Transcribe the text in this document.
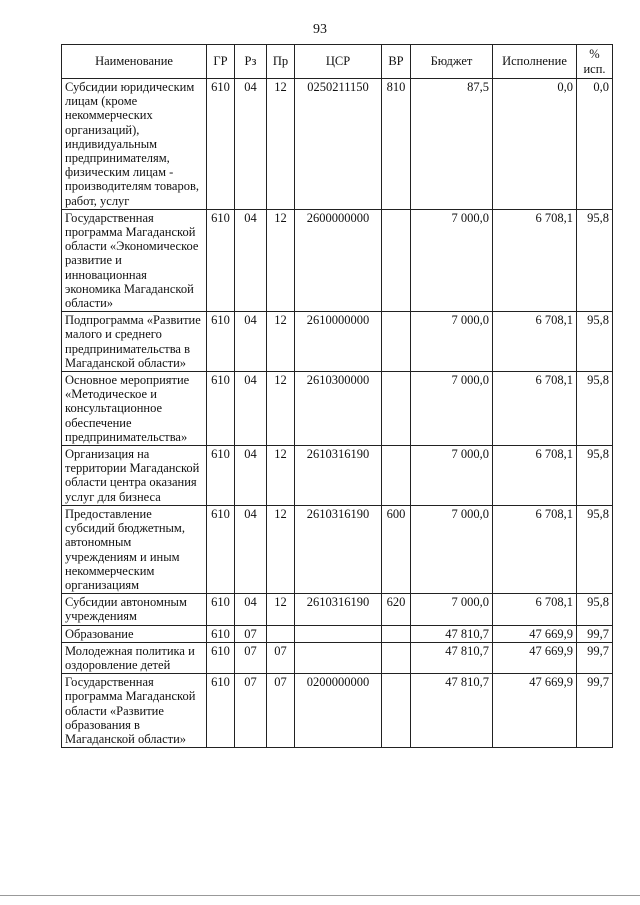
93
Наименование	ГР	Рз	Пр	ЦСР	ВР	Бюджет	Исполнение	% исп.
Субсидии юридическим лицам (кроме некоммерческих организаций), индивидуальным предпринимателям, физическим лицам - производителям товаров, работ, услуг	610	04	12	0250211150	810	87,5	0,0	0,0
Государственная программа Магаданской области «Экономическое развитие и инновационная экономика Магаданской области»	610	04	12	2600000000		7 000,0	6 708,1	95,8
Подпрограмма «Развитие малого и среднего предпринимательства в Магаданской области»	610	04	12	2610000000		7 000,0	6 708,1	95,8
Основное мероприятие «Методическое и консультационное обеспечение предпринимательства»	610	04	12	2610300000		7 000,0	6 708,1	95,8
Организация на территории Магаданской области центра оказания услуг для бизнеса	610	04	12	2610316190		7 000,0	6 708,1	95,8
Предоставление субсидий бюджетным, автономным учреждениям и иным некоммерческим организациям	610	04	12	2610316190	600	7 000,0	6 708,1	95,8
Субсидии автономным учреждениям	610	04	12	2610316190	620	7 000,0	6 708,1	95,8
Образование	610	07				47 810,7	47 669,9	99,7
Молодежная политика и оздоровление детей	610	07	07			47 810,7	47 669,9	99,7
Государственная программа Магаданской области «Развитие образования в Магаданской области»	610	07	07	0200000000		47 810,7	47 669,9	99,7
